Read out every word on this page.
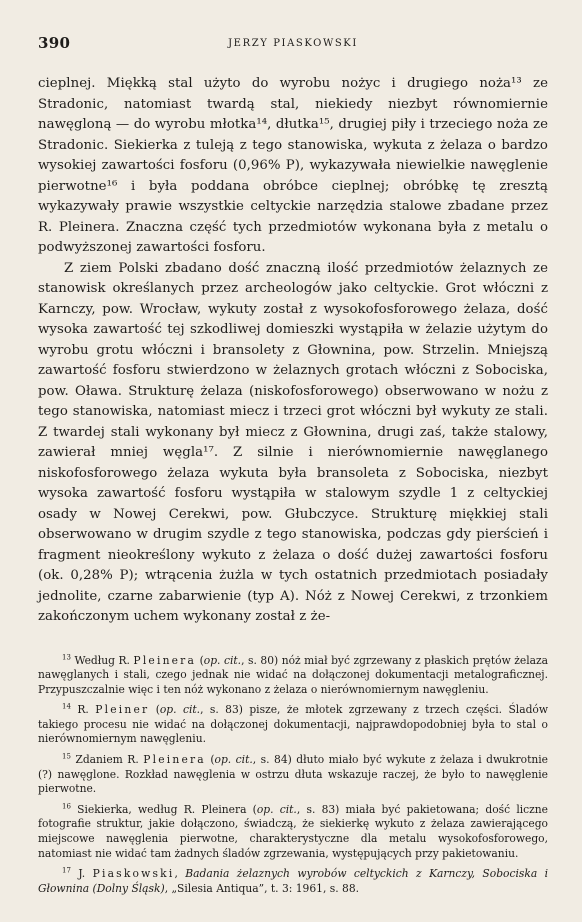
390	JERZY PIASKOWSKI

cieplnej. Miękką stal użyto do wyrobu nożyc i drugiego noża¹³ ze Stradonic, natomiast twardą stal, niekiedy niezbyt równomiernie nawęgloną — do wyrobu młotka¹⁴, dłutka¹⁵, drugiej piły i trzeciego noża ze Stradonic. Siekierka z tuleją z tego stanowiska, wykuta z żelaza o bardzo wysokiej zawartości fosforu (0,96% P), wykazywała niewielkie nawęglenie pierwotne¹⁶ i była poddana obróbce cieplnej; obróbkę tę zresztą wykazywały prawie wszystkie celtyckie narzędzia stalowe zbadane przez R. Pleinera. Znaczna część tych przedmiotów wykonana była z metalu o podwyższonej zawartości fosforu.

Z ziem Polski zbadano dość znaczną ilość przedmiotów żelaznych ze stanowisk określanych przez archeologów jako celtyckie. Grot włóczni z Karnczy, pow. Wrocław, wykuty został z wysokofosforowego żelaza, dość wysoka zawartość tej szkodliwej domieszki wystąpiła w żelazie użytym do wyrobu grotu włóczni i bransolety z Głownina, pow. Strzelin. Mniejszą zawartość fosforu stwierdzono w żelaznych grotach włóczni z Sobociska, pow. Oława. Strukturę żelaza (niskofosforowego) obserwowano w nożu z tego stanowiska, natomiast miecz i trzeci grot włóczni był wykuty ze stali. Z twardej stali wykonany był miecz z Głownina, drugi zaś, także stalowy, zawierał mniej węgla¹⁷. Z silnie i nierównomiernie nawęglanego niskofosforowego żelaza wykuta była bransoleta z Sobociska, niezbyt wysoka zawartość fosforu wystąpiła w stalowym szydle 1 z celtyckiej osady w Nowej Cerekwi, pow. Głubczyce. Strukturę miękkiej stali obserwowano w drugim szydle z tego stanowiska, podczas gdy pierścień i fragment nieokreślony wykuto z żelaza o dość dużej zawartości fosforu (ok. 0,28% P); wtrącenia żużla w tych ostatnich przedmiotach posiadały jednolite, czarne zabarwienie (typ A). Nóż z Nowej Cerekwi, z trzonkiem zakończonym uchem wykonany został z że-

$^{13}$ Według R. Pleinera (op. cit., s. 80) nóż miał być zgrzewany z płaskich prętów żelaza nawęglanych i stali, czego jednak nie widać na dołączonej dokumentacji metalograficznej. Przypuszczalnie więc i ten nóż wykonano z żelaza o nierównomiernym nawęgleniu.

$^{14}$ R. Pleiner (op. cit., s. 83) pisze, że młotek zgrzewany z trzech części. Śladów takiego procesu nie widać na dołączonej dokumentacji, najprawdopodobniej była to stal o nierównomiernym nawęgleniu.

$^{15}$ Zdaniem R. Pleinera (op. cit., s. 84) dłuto miało być wykute z żelaza i dwukrotnie (?) nawęglone. Rozkład nawęglenia w ostrzu dłuta wskazuje raczej, że było to nawęglenie pierwotne.

$^{16}$ Siekierka, według R. Pleinera (op. cit., s. 83) miała być pakietowana; dość liczne fotografie struktur, jakie dołączono, świadczą, że siekierkę wykuto z żelaza zawierającego miejscowe nawęglenia pierwotne, charakterystyczne dla metalu wysokofosforowego, natomiast nie widać tam żadnych śladów zgrzewania, występujących przy pakietowaniu.

$^{17}$ J. Piaskowski, Badania żelaznych wyrobów celtyckich z Karnczy, Sobociska i Głownina (Dolny Śląsk), „Silesia Antiqua”, t. 3: 1961, s. 88.
